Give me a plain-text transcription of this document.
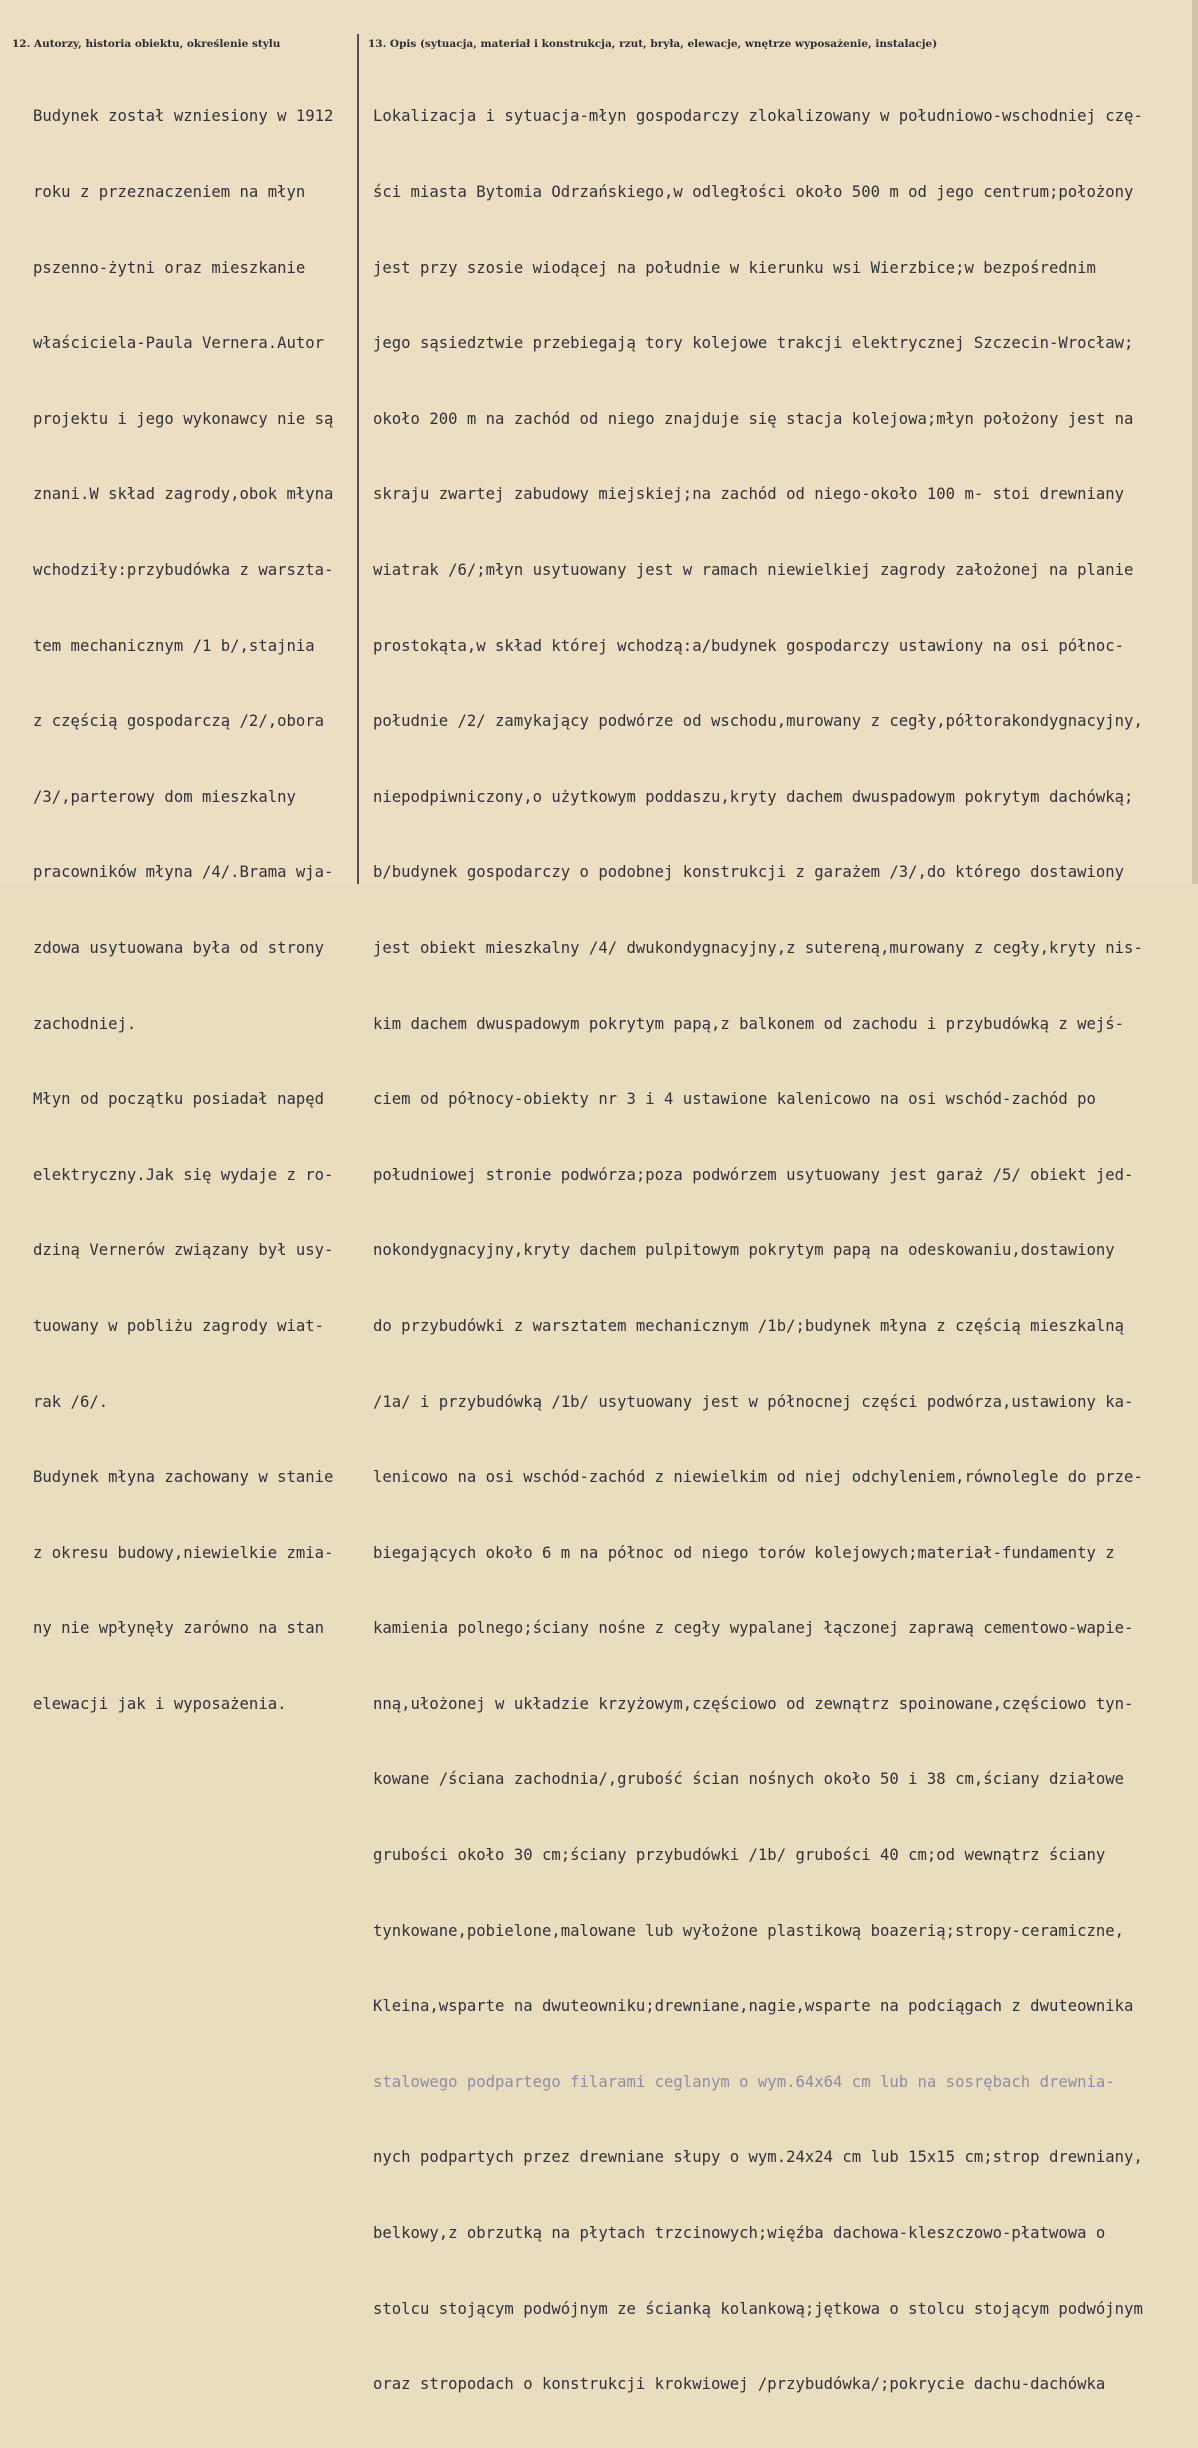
12. Autorzy, historia obiektu, określenie stylu	13. Opis (sytuacja, materiał i konstrukcja, rzut, bryła, elewacje, wnętrze wyposażenie, instalacje)

Budynek został wzniesiony w 1912

roku z przeznaczeniem na młyn

pszenno-żytni oraz mieszkanie

właściciela-Paula Vernera.Autor

projektu i jego wykonawcy nie są

znani.W skład zagrody,obok młyna

wchodziły:przybudówka z warszta-

tem mechanicznym /1 b/,stajnia

z częścią gospodarczą /2/,obora

/3/,parterowy dom mieszkalny

pracowników młyna /4/.Brama wja-

zdowa usytuowana była od strony

zachodniej.

Młyn od początku posiadał napęd

elektryczny.Jak się wydaje z ro-

dziną Vernerów związany był usy-

tuowany w pobliżu zagrody wiat-

rak /6/.

Budynek młyna zachowany w stanie

z okresu budowy,niewielkie zmia-

ny nie wpłynęły zarówno na stan

elewacji jak i wyposażenia.

Lokalizacja i sytuacja-młyn gospodarczy zlokalizowany w południowo-wschodniej czę-

ści miasta Bytomia Odrzańskiego,w odległości około 500 m od jego centrum;położony

jest przy szosie wiodącej na południe w kierunku wsi Wierzbice;w bezpośrednim

jego sąsiedztwie przebiegają tory kolejowe trakcji elektrycznej Szczecin-Wrocław;

około 200 m na zachód od niego znajduje się stacja kolejowa;młyn położony jest na

skraju zwartej zabudowy miejskiej;na zachód od niego-około 100 m- stoi drewniany

wiatrak /6/;młyn usytuowany jest w ramach niewielkiej zagrody założonej na planie

prostokąta,w skład której wchodzą:a/budynek gospodarczy ustawiony na osi północ-

południe /2/ zamykający podwórze od wschodu,murowany z cegły,półtorakondygnacyjny,

niepodpiwniczony,o użytkowym poddaszu,kryty dachem dwuspadowym pokrytym dachówką;

b/budynek gospodarczy o podobnej konstrukcji z garażem /3/,do którego dostawiony

jest obiekt mieszkalny /4/ dwukondygnacyjny,z sutereną,murowany z cegły,kryty nis-

kim dachem dwuspadowym pokrytym papą,z balkonem od zachodu i przybudówką z wejś-

ciem od północy-obiekty nr 3 i 4 ustawione kalenicowo na osi wschód-zachód po

południowej stronie podwórza;poza podwórzem usytuowany jest garaż /5/ obiekt jed-

nokondygnacyjny,kryty dachem pulpitowym pokrytym papą na odeskowaniu,dostawiony

do przybudówki z warsztatem mechanicznym /1b/;budynek młyna z częścią mieszkalną

/1a/ i przybudówką /1b/ usytuowany jest w północnej części podwórza,ustawiony ka-

lenicowo na osi wschód-zachód z niewielkim od niej odchyleniem,równolegle do prze-

biegających około 6 m na północ od niego torów kolejowych;materiał-fundamenty z

kamienia polnego;ściany nośne z cegły wypalanej łączonej zaprawą cementowo-wapie-

nną,ułożonej w układzie krzyżowym,częściowo od zewnątrz spoinowane,częściowo tyn-

kowane /ściana zachodnia/,grubość ścian nośnych około 50 i 38 cm,ściany działowe

grubości około 30 cm;ściany przybudówki /1b/ grubości 40 cm;od wewnątrz ściany

tynkowane,pobielone,malowane lub wyłożone plastikową boazerią;stropy-ceramiczne,

Kleina,wsparte na dwuteowniku;drewniane,nagie,wsparte na podciągach z dwuteownika

stalowego podpartego filarami ceglanym o wym.64x64 cm lub na sosrębach drewnia-

nych podpartych przez drewniane słupy o wym.24x24 cm lub 15x15 cm;strop drewniany,

belkowy,z obrzutką na płytach trzcinowych;więźba dachowa-kleszczowo-płatwowa o

stolcu stojącym podwójnym ze ścianką kolankową;jętkowa o stolcu stojącym podwójnym

oraz stropodach o konstrukcji krokwiowej /przybudówka/;pokrycie dachu-dachówka
